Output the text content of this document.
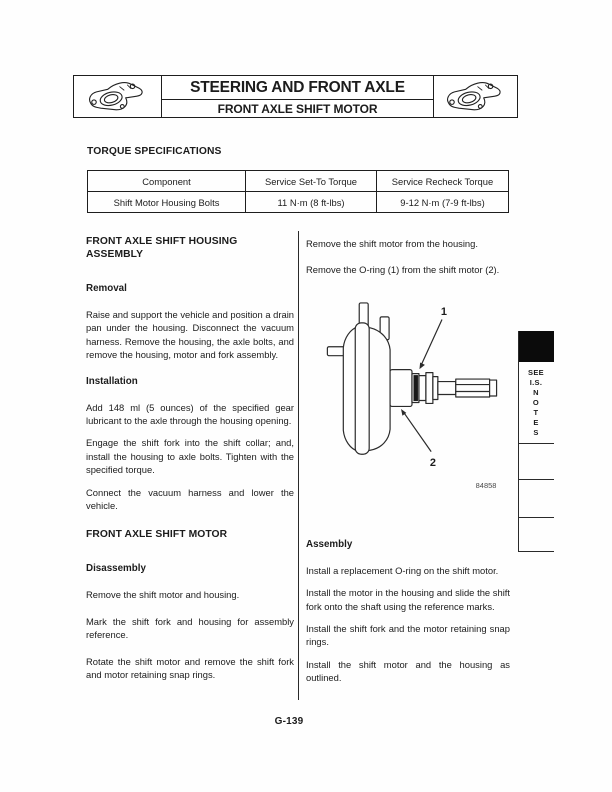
STEERING AND FRONT AXLE
FRONT AXLE SHIFT MOTOR
TORQUE SPECIFICATIONS
Component	Service Set-To Torque	Service Recheck Torque
Shift Motor Housing Bolts	11 N·m (8 ft-lbs)	9-12 N·m (7-9 ft-lbs)
FRONT AXLE SHIFT HOUSING ASSEMBLY
Removal

Raise and support the vehicle and position a drain pan under the housing. Disconnect the vacuum harness. Remove the housing, the axle bolts, and remove the housing, motor and fork assembly.

Installation

Add 148 ml (5 ounces) of the specified gear lubricant to the axle through the housing opening.

Engage the shift fork into the shift collar; and, install the housing to axle bolts. Tighten with the specified torque.

Connect the vacuum harness and lower the vehicle.

FRONT AXLE SHIFT MOTOR
Disassembly

Remove the shift motor and housing.

Mark the shift fork and housing for assembly reference.

Rotate the shift motor and remove the shift fork and motor retaining snap rings.

Remove the shift motor from the housing.

Remove the O-ring (1) from the shift motor (2).

1
2
84858
Assembly

Install a replacement O-ring on the shift motor.

Install the motor in the housing and slide the shift fork onto the shaft using the reference marks.

Install the shift fork and the motor retaining snap rings.

Install the shift motor and the housing as outlined.

SEE
I.S.
N
O
T
E
S
G-139
